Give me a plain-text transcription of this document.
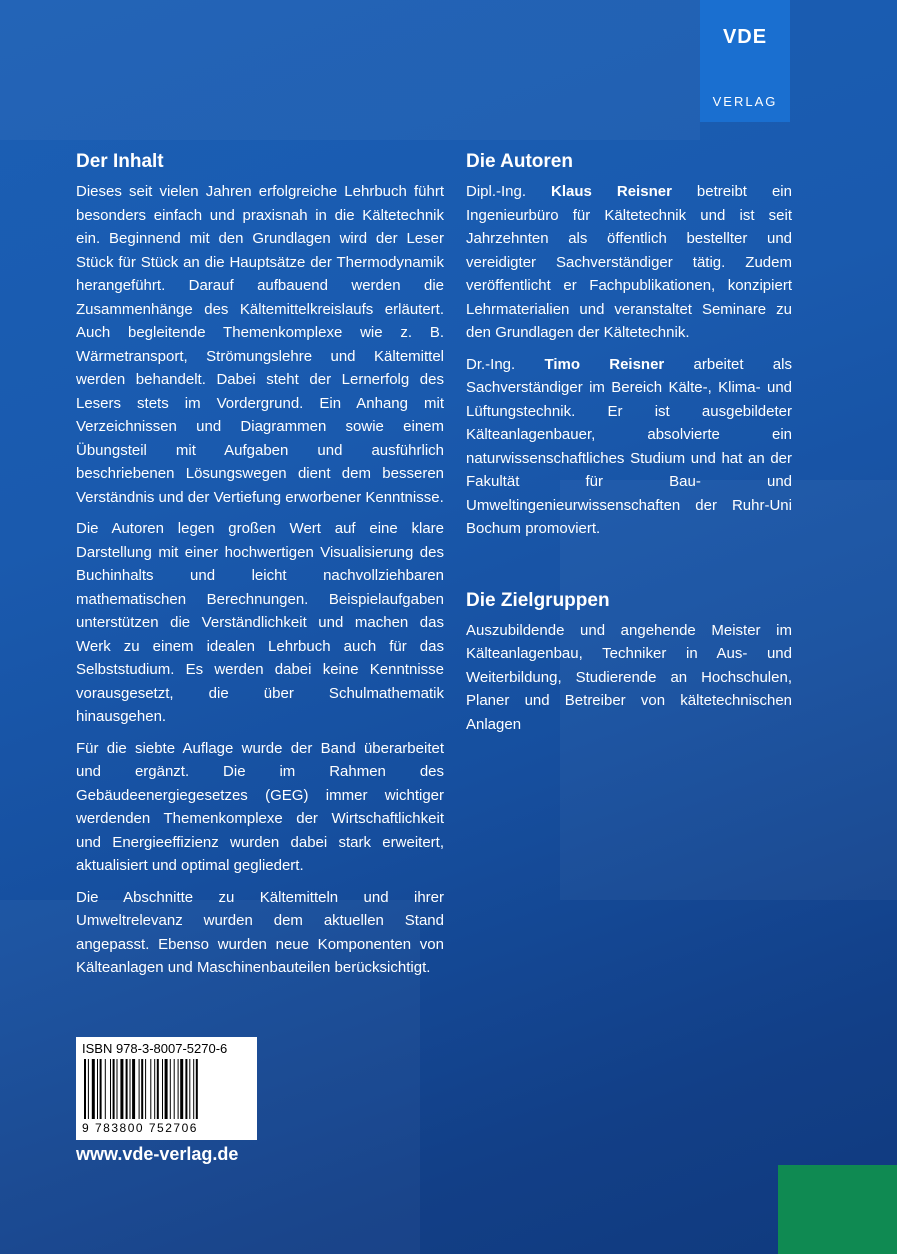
VDE
VERLAG
Der Inhalt

Dieses seit vielen Jahren erfolgreiche Lehrbuch führt besonders einfach und praxisnah in die Kältetechnik ein. Beginnend mit den Grundlagen wird der Leser Stück für Stück an die Hauptsätze der Thermodynamik herangeführt. Darauf aufbauend werden die Zusammenhänge des Kältemittelkreislaufs erläutert. Auch begleitende Themenkomplexe wie z. B. Wärmetransport, Strömungslehre und Kältemittel werden behandelt. Dabei steht der Lernerfolg des Lesers stets im Vordergrund. Ein Anhang mit Verzeichnissen und Diagrammen sowie einem Übungsteil mit Aufgaben und ausführlich beschriebenen Lösungswegen dient dem besseren Verständnis und der Vertiefung erworbener Kenntnisse.

Die Autoren legen großen Wert auf eine klare Darstellung mit einer hochwertigen Visualisierung des Buchinhalts und leicht nachvollziehbaren mathematischen Berechnungen. Beispielaufgaben unterstützen die Verständlichkeit und machen das Werk zu einem idealen Lehrbuch auch für das Selbststudium. Es werden dabei keine Kenntnisse vorausgesetzt, die über Schulmathematik hinausgehen.

Für die siebte Auflage wurde der Band überarbeitet und ergänzt. Die im Rahmen des Gebäudeenergiegesetzes (GEG) immer wichtiger werdenden Themenkomplexe der Wirtschaftlichkeit und Energieeffizienz wurden dabei stark erweitert, aktualisiert und optimal gegliedert.

Die Abschnitte zu Kältemitteln und ihrer Umweltrelevanz wurden dem aktuellen Stand angepasst. Ebenso wurden neue Komponenten von Kälteanlagen und Maschinenbauteilen berücksichtigt.

Die Autoren

Dipl.-Ing. Klaus Reisner betreibt ein Ingenieurbüro für Kältetechnik und ist seit Jahrzehnten als öffentlich bestellter und vereidigter Sachverständiger tätig. Zudem veröffentlicht er Fachpublikationen, konzipiert Lehrmaterialien und veranstaltet Seminare zu den Grundlagen der Kältetechnik.

Dr.-Ing. Timo Reisner arbeitet als Sachverständiger im Bereich Kälte-, Klima- und Lüftungstechnik. Er ist ausgebildeter Kälteanlagenbauer, absolvierte ein naturwissenschaftliches Studium und hat an der Fakultät für Bau- und Umweltingenieurwissenschaften der Ruhr-Uni Bochum promoviert.

Die Zielgruppen

Auszubildende und angehende Meister im Kälteanlagenbau, Techniker in Aus- und Weiterbildung, Studierende an Hochschulen, Planer und Betreiber von kältetechnischen Anlagen

ISBN 978-3-8007-5270-6
9 783800 752706
www.vde-verlag.de
